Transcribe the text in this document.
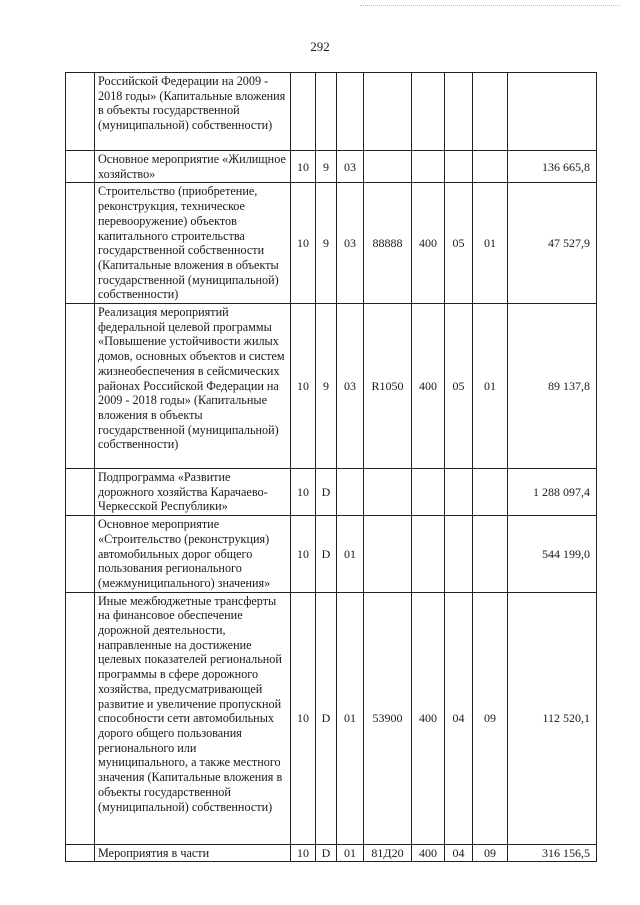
292
	Российской Федерации на 2009 - 2018 годы» (Капитальные вложения в объекты государственной (муниципальной) собственности)								
	Основное мероприятие «Жилищное хозяйство»	10	9	03					136 665,8
	Строительство (приобретение, реконструкция, техническое перевооружение) объектов капитального строительства государственной собственности (Капитальные вложения в объекты государственной (муниципальной) собственности)	10	9	03	88888	400	05	01	47 527,9
	Реализация мероприятий федеральной целевой программы «Повышение устойчивости жилых домов, основных объектов и систем жизнеобеспечения в сейсмических районах Российской Федерации на 2009 - 2018 годы» (Капитальные вложения в объекты государственной (муниципальной) собственности)	10	9	03	R1050	400	05	01	89 137,8
	Подпрограмма «Развитие дорожного хозяйства Карачаево-Черкесской Республики»	10	D						1 288 097,4
	Основное мероприятие «Строительство (реконструкция) автомобильных дорог общего пользования регионального (межмуниципального) значения»	10	D	01					544 199,0
	Иные межбюджетные трансферты на финансовое обеспечение дорожной деятельности, направленные на достижение целевых показателей региональной программы в сфере дорожного хозяйства, предусматривающей развитие и увеличение пропускной способности сети автомобильных дорого общего пользования регионального или муниципального, а также местного значения (Капитальные вложения в объекты государственной (муниципальной) собственности)	10	D	01	53900	400	04	09	112 520,1
	Мероприятия в части	10	D	01	81Д20	400	04	09	316 156,5
